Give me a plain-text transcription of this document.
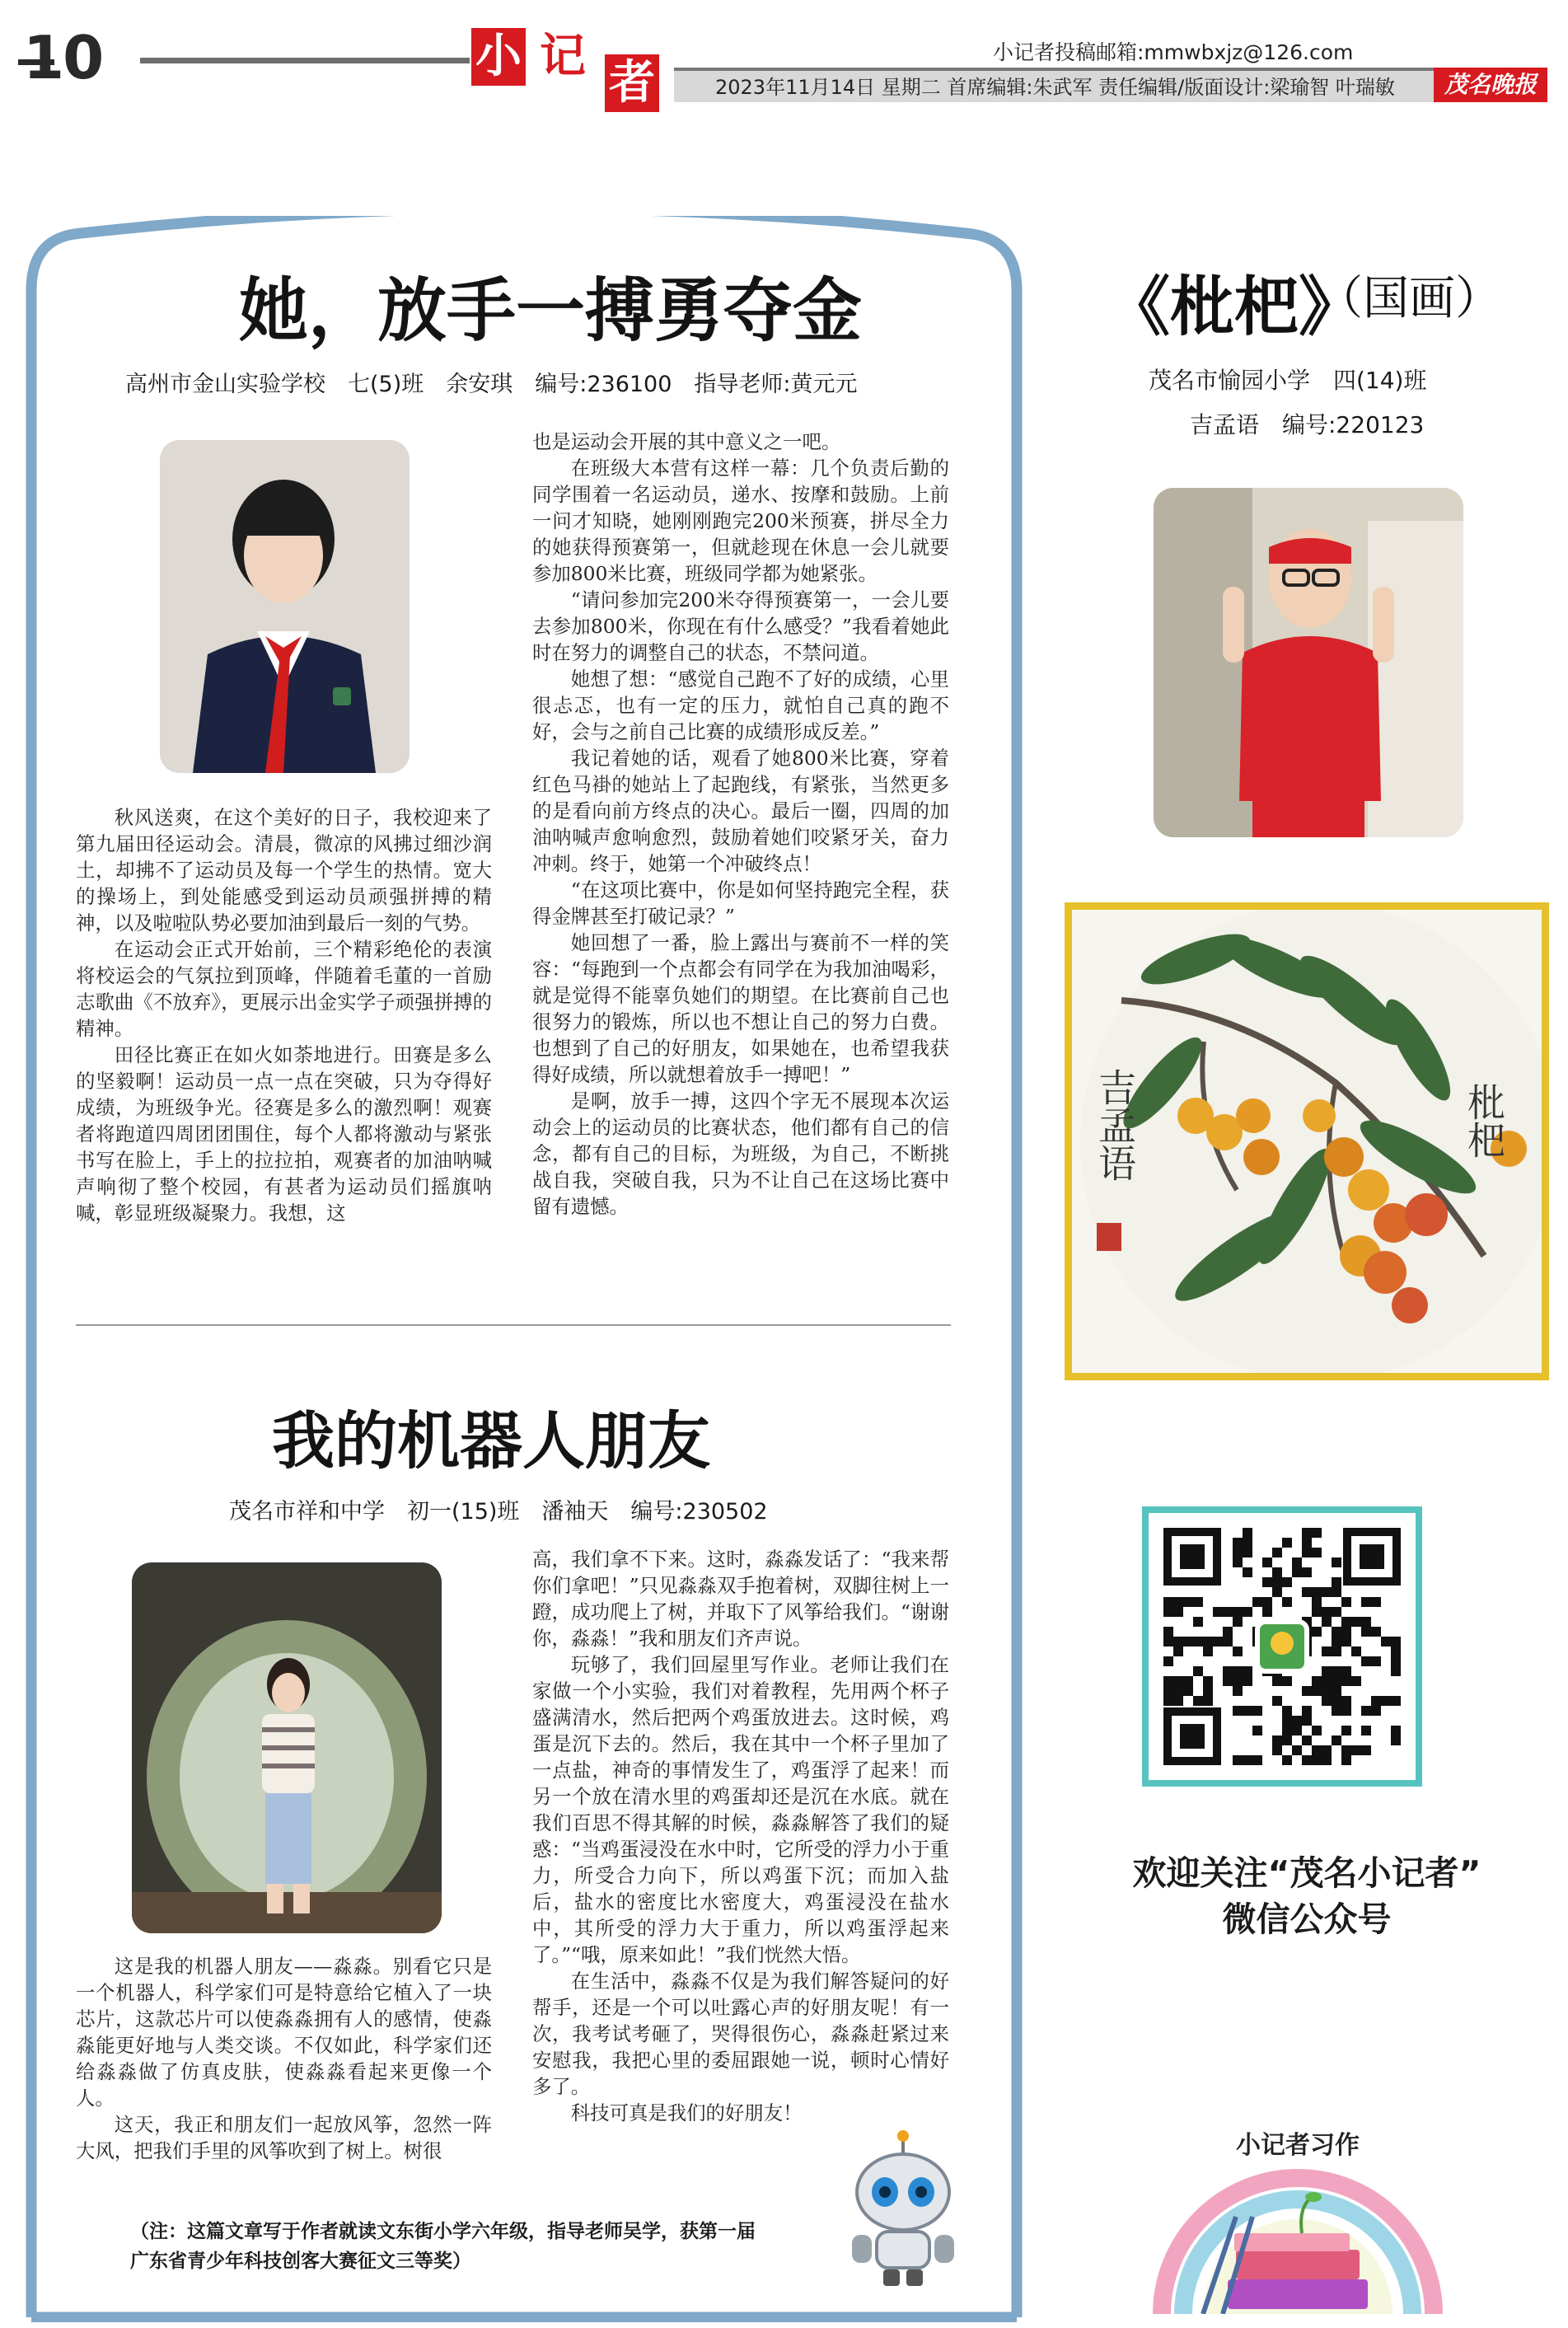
10	小 记 者
小记者投稿邮箱:mmwbxjz@126.com
2023年11月14日 星期二 首席编辑:朱武军 责任编辑/版面设计:梁瑜智 叶瑞敏	茂名晚报
她，放手一搏勇夺金
高州市金山实验学校　七(5)班　余安琪　编号:236100　指导老师:黄元元

秋风送爽，在这个美好的日子，我校迎来了第九届田径运动会。清晨，微凉的风拂过细沙润土，却拂不了运动员及每一个学生的热情。宽大的操场上，到处能感受到运动员顽强拼搏的精神，以及啦啦队势必要加油到最后一刻的气势。

在运动会正式开始前，三个精彩绝伦的表演将校运会的气氛拉到顶峰，伴随着毛董的一首励志歌曲《不放弃》，更展示出金实学子顽强拼搏的精神。

田径比赛正在如火如荼地进行。田赛是多么的坚毅啊！运动员一点一点在突破，只为夺得好成绩，为班级争光。径赛是多么的激烈啊！观赛者将跑道四周团团围住，每个人都将激动与紧张书写在脸上，手上的拉拉拍，观赛者的加油呐喊声响彻了整个校园，有甚者为运动员们摇旗呐喊，彰显班级凝聚力。我想，这

也是运动会开展的其中意义之一吧。

在班级大本营有这样一幕：几个负责后勤的同学围着一名运动员，递水、按摩和鼓励。上前一问才知晓，她刚刚跑完200米预赛，拼尽全力的她获得预赛第一，但就趁现在休息一会儿就要参加800米比赛，班级同学都为她紧张。

“请问参加完200米夺得预赛第一，一会儿要去参加800米，你现在有什么感受？”我看着她此时在努力的调整自己的状态，不禁问道。

她想了想：“感觉自己跑不了好的成绩，心里很忐忑，也有一定的压力，就怕自己真的跑不好，会与之前自己比赛的成绩形成反差。”

我记着她的话，观看了她800米比赛，穿着红色马褂的她站上了起跑线，有紧张，当然更多的是看向前方终点的决心。最后一圈，四周的加油呐喊声愈响愈烈，鼓励着她们咬紧牙关，奋力冲刺。终于，她第一个冲破终点！

“在这项比赛中，你是如何坚持跑完全程，获得金牌甚至打破记录？”

她回想了一番，脸上露出与赛前不一样的笑容：“每跑到一个点都会有同学在为我加油喝彩，就是觉得不能辜负她们的期望。在比赛前自己也很努力的锻炼，所以也不想让自己的努力白费。也想到了自己的好朋友，如果她在，也希望我获得好成绩，所以就想着放手一搏吧！”

是啊，放手一搏，这四个字无不展现本次运动会上的运动员的比赛状态，他们都有自己的信念，都有自己的目标，为班级，为自己，不断挑战自我，突破自我，只为不让自己在这场比赛中留有遗憾。

我的机器人朋友
茂名市祥和中学　初一(15)班　潘袖天　编号:230502

这是我的机器人朋友——淼淼。别看它只是一个机器人，科学家们可是特意给它植入了一块芯片，这款芯片可以使淼淼拥有人的感情，使淼淼能更好地与人类交谈。不仅如此，科学家们还给淼淼做了仿真皮肤，使淼淼看起来更像一个人。

这天，我正和朋友们一起放风筝，忽然一阵大风，把我们手里的风筝吹到了树上。树很

高，我们拿不下来。这时，淼淼发话了：“我来帮你们拿吧！”只见淼淼双手抱着树，双脚往树上一蹬，成功爬上了树，并取下了风筝给我们。“谢谢你，淼淼！”我和朋友们齐声说。

玩够了，我们回屋里写作业。老师让我们在家做一个小实验，我们对着教程，先用两个杯子盛满清水，然后把两个鸡蛋放进去。这时候，鸡蛋是沉下去的。然后，我在其中一个杯子里加了一点盐，神奇的事情发生了，鸡蛋浮了起来！而另一个放在清水里的鸡蛋却还是沉在水底。就在我们百思不得其解的时候，淼淼解答了我们的疑惑：“当鸡蛋浸没在水中时，它所受的浮力小于重力，所受合力向下，所以鸡蛋下沉；而加入盐后，盐水的密度比水密度大，鸡蛋浸没在盐水中，其所受的浮力大于重力，所以鸡蛋浮起来了。”“哦，原来如此！”我们恍然大悟。

在生活中，淼淼不仅是为我们解答疑问的好帮手，还是一个可以吐露心声的好朋友呢！有一次，我考试考砸了，哭得很伤心，淼淼赶紧过来安慰我，我把心里的委屈跟她一说，顿时心情好多了。

科技可真是我们的好朋友！

（注：这篇文章写于作者就读文东街小学六年级，指导老师吴学，获第一届广东省青少年科技创客大赛征文三等奖）
《枇杷》
（国画）
茂名市愉园小学　四(14)班
吉孟语　编号:220123
吉孟语	枇杷
欢迎关注“茂名小记者”
微信公众号
小记者习作
